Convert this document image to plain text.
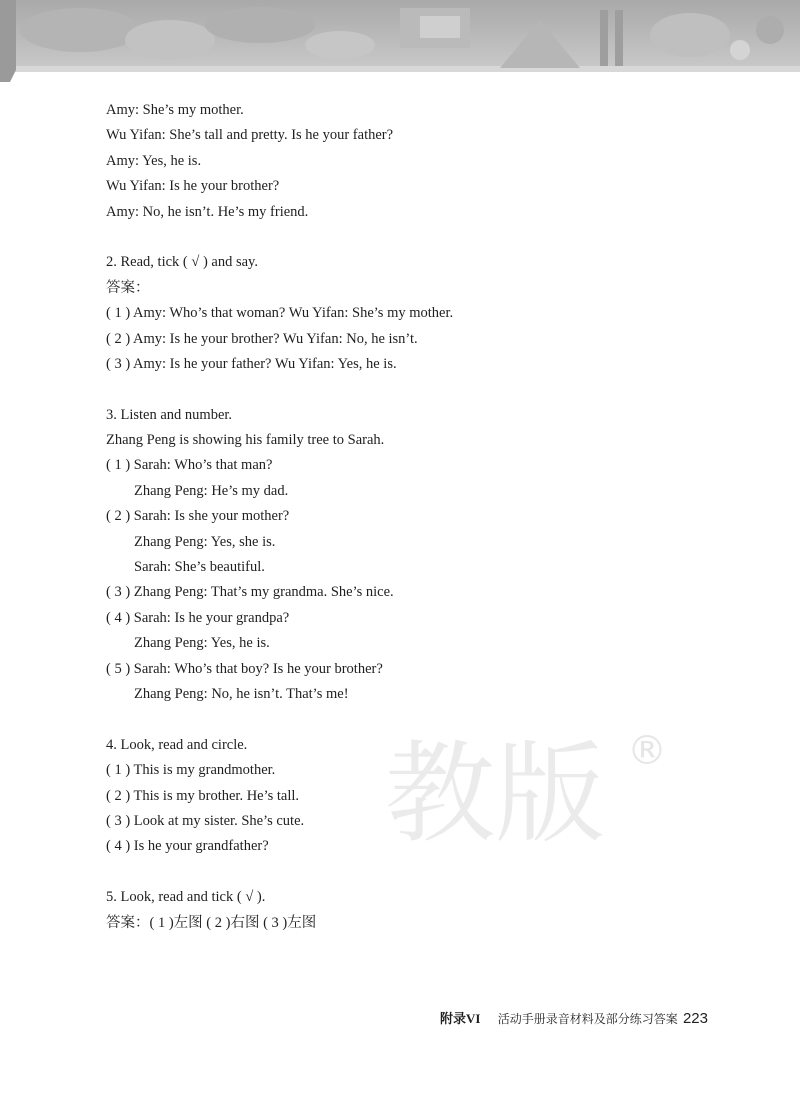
教版 ®
Amy: She’s my mother.
Wu Yifan: She’s tall and pretty. Is he your father?
Amy: Yes, he is.
Wu Yifan: Is he your brother?
Amy: No, he isn’t. He’s my friend.
2. Read, tick ( √ ) and say.
答案：
( 1 ) Amy: Who’s that woman? Wu Yifan: She’s my mother.
( 2 ) Amy: Is he your brother? Wu Yifan: No, he isn’t.
( 3 ) Amy: Is he your father? Wu Yifan: Yes, he is.
3. Listen and number.
Zhang Peng is showing his family tree to Sarah.
( 1 ) Sarah: Who’s that man?
Zhang Peng: He’s my dad.
( 2 ) Sarah: Is she your mother?
Zhang Peng: Yes, she is.
Sarah: She’s beautiful.
( 3 ) Zhang Peng: That’s my grandma. She’s nice.
( 4 ) Sarah: Is he your grandpa?
Zhang Peng: Yes, he is.
( 5 ) Sarah: Who’s that boy? Is he your brother?
Zhang Peng: No, he isn’t. That’s me!
4. Look, read and circle.
( 1 ) This is my grandmother.
( 2 ) This is my brother. He’s tall.
( 3 ) Look at my sister. She’s cute.
( 4 ) Is he your grandfather?
5. Look, read and tick ( √ ).
答案：( 1 )左图 ( 2 )右图 ( 3 )左图
附录VI 活动手册录音材料及部分练习答案 223
